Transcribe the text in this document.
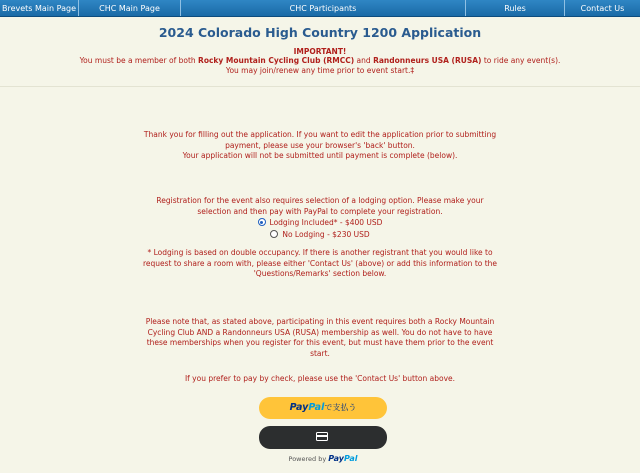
Brevets Main Page	CHC Main Page	CHC Participants	Rules	Contact Us
2024 Colorado High Country 1200 Application
IMPORTANT!
You must be a member of both Rocky Mountain Cycling Club (RMCC) and Randonneurs USA (RUSA) to ride any event(s).
You may join/renew any time prior to event start.‡
Thank you for filling out the application. If you want to edit the application prior to submitting
payment, please use your browser's 'back' button.
Your application will not be submitted until payment is complete (below).
Registration for the event also requires selection of a lodging option. Please make your
selection and then pay with PayPal to complete your registration.
Lodging Included* - $400 USD
No Lodging - $230 USD
* Lodging is based on double occupancy. If there is another registrant that you would like to
request to share a room with, please either 'Contact Us' (above) or add this information to the
'Questions/Remarks' section below.
Please note that, as stated above, participating in this event requires both a Rocky Mountain
Cycling Club AND a Randonneurs USA (RUSA) membership as well. You do not have to have
these memberships when you register for this event, but must have them prior to the event
start.
If you prefer to pay by check, please use the 'Contact Us' button above.
PayPalで支払う
Powered by PayPal
